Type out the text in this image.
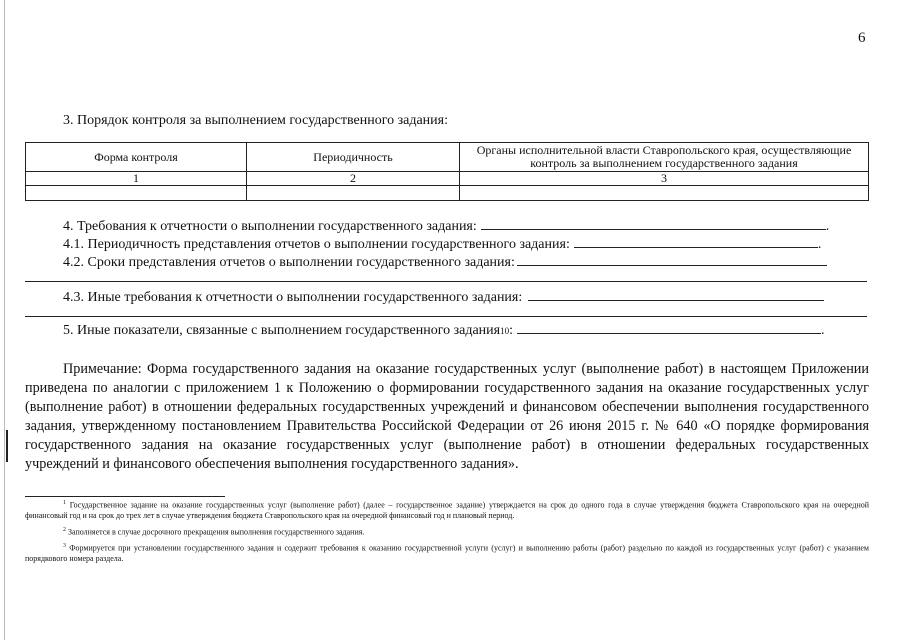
6
3. Порядок контроля за выполнением государственного задания:
Форма контроля	Периодичность	Органы исполнительной власти Ставропольского края, осуществляющие контроль за выполнением государственного задания
1	2	3

4. Требования к отчетности о выполнении государственного задания:	.
4.1. Периодичность представления отчетов о выполнении государственного задания:	.
4.2. Сроки представления отчетов о выполнении государственного задания:
4.3. Иные требования к отчетности о выполнении государственного задания:
5. Иные показатели, связанные с выполнением государственного задания 10 :	.

Примечание: Форма государственного задания на оказание государственных услуг (выполнение работ) в настоящем Приложении приведена по аналогии с приложением 1 к Положению о формировании государственного задания на оказание государственных услуг (выполнение работ) в отношении федеральных государственных учреждений и финансовом обеспечении выполнения государственного задания, утвержденному постановлением Правительства Российской Федерации от 26 июня 2015 г. № 640 «О порядке формирования государственного задания на оказание государственных услуг (выполнение работ) в отношении федеральных государственных учреждений и финансового обеспечения выполнения государственного задания».

$^1$ Государственное задание на оказание государственных услуг (выполнение работ) (далее – государственное задание) утверждается на срок до одного года в случае утверждения бюджета Ставропольского края на очередной финансовый год и на срок до трех лет в случае утверждения бюджета Ставропольского края на очередной финансовый год и плановый период.

$^2$ Заполняется в случае досрочного прекращения выполнения государственного задания.

$^3$ Формируется при установлении государственного задания и содержит требования к оказанию государственной услуги (услуг) и выполнению работы (работ) раздельно по каждой из государственных услуг (работ) с указанием порядкового номера раздела.
